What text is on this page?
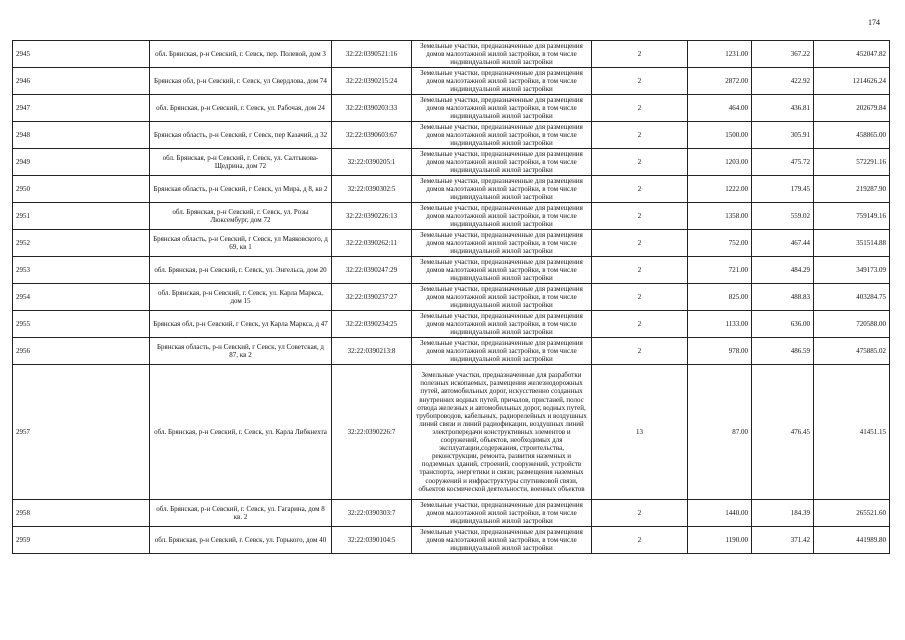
174
2945	обл. Брянская, р-н Севский, г. Севск, пер. Полевой, дом 3	32:22:0390521:16	Земельные участки, предназначенные для размещения домов малоэтажной жилой застройки, в том числе индивидуальной жилой застройки	2	1231.00	367.22	452047.82
2946	Брянская обл, р-н Севский, г. Севск, ул Свердлова, дом 74	32:22:0390215:24	Земельные участки, предназначенные для размещения домов малоэтажной жилой застройки, в том числе индивидуальной жилой застройки	2	2872.00	422.92	1214626.24
2947	обл. Брянская, р-н Севский, г. Севск, ул. Рабочая, дом 24	32:22:0390203:33	Земельные участки, предназначенные для размещения домов малоэтажной жилой застройки, в том числе индивидуальной жилой застройки	2	464.00	436.81	202679.84
2948	Брянская область, р-н Севский, г Севск, пер Казачий, д 32	32:22:0390603:67	Земельные участки, предназначенные для размещения домов малоэтажной жилой застройки, в том числе индивидуальной жилой застройки	2	1500.00	305.91	458865.00
2949	обл. Брянская, р-н Севский, г. Севск, ул. Салтыкова-Щедрина, дом 72	32:22:0390205:1	Земельные участки, предназначенные для размещения домов малоэтажной жилой застройки, в том числе индивидуальной жилой застройки	2	1203.00	475.72	572291.16
2950	Брянская область, р-н Севский, г Севск, ул Мира, д 8, кв 2	32:22:0390302:5	Земельные участки, предназначенные для размещения домов малоэтажной жилой застройки, в том числе индивидуальной жилой застройки	2	1222.00	179.45	219287.90
2951	обл. Брянская, р-н Севский, г. Севск, ул. Розы Люксембург, дом 72	32:22:0390226:13	Земельные участки, предназначенные для размещения домов малоэтажной жилой застройки, в том числе индивидуальной жилой застройки	2	1358.00	559.02	759149.16
2952	Брянская область, р-н Севский, г Севск, ул Маяковского, д 69, кв 1	32:22:0390262:11	Земельные участки, предназначенные для размещения домов малоэтажной жилой застройки, в том числе индивидуальной жилой застройки	2	752.00	467.44	351514.88
2953	обл. Брянская, р-н Севский, г. Севск, ул. Энгельса, дом 20	32:22:0390247:29	Земельные участки, предназначенные для размещения домов малоэтажной жилой застройки, в том числе индивидуальной жилой застройки	2	721.00	484.29	349173.09
2954	обл. Брянская, р-н Севский, г. Севск, ул. Карла Маркса, дом 15	32:22:0390237:27	Земельные участки, предназначенные для размещения домов малоэтажной жилой застройки, в том числе индивидуальной жилой застройки	2	825.00	488.83	403284.75
2955	Брянская обл, р-н Севский, г Севск, ул Карла Маркса, д 47	32:22:0390234:25	Земельные участки, предназначенные для размещения домов малоэтажной жилой застройки, в том числе индивидуальной жилой застройки	2	1133.00	636.00	720588.00
2956	Брянская область, р-н Севский, г Севск, ул Советская, д 87, кв 2	32:22:0390213:8	Земельные участки, предназначенные для размещения домов малоэтажной жилой застройки, в том числе индивидуальной жилой застройки	2	978.00	486.59	475885.02
2957	обл. Брянская, р-н Севский, г. Севск, ул. Карла Либкнехта	32:22:0390226:7	Земельные участки, предназначенные для разработки полезных ископаемых, размещения железнодорожных путей, автомобильных дорог, искусственно созданных внутренних водных путей, причалов, пристаней, полос отвода железных и автомобильных дорог, водных путей, трубопроводов, кабельных, радиорелейных и воздушных линий связи и линий радиофикации, воздушных линий электропередачи конструктивных элементов и сооружений, объектов, необходимых для эксплуатации,содержания, строительства, реконструкции, ремонта, развития наземных и подземных зданий, строений, сооружений, устройств транспорта, энергетики и связи; размещения наземных сооружений и инфраструктуры спутниковой связи, объектов космической деятельности, военных объектов	13	87.00	476.45	41451.15
2958	обл. Брянская, р-н Севский, г. Севск, ул. Гагарина, дом 8 кв. 2	32:22:0390303:7	Земельные участки, предназначенные для размещения домов малоэтажной жилой застройки, в том числе индивидуальной жилой застройки	2	1440.00	184.39	265521.60
2959	обл. Брянская, р-н Севский, г. Севск, ул. Горького, дом 40	32:22:0390104:5	Земельные участки, предназначенные для размещения домов малоэтажной жилой застройки, в том числе индивидуальной жилой застройки	2	1190.00	371.42	441989.80
